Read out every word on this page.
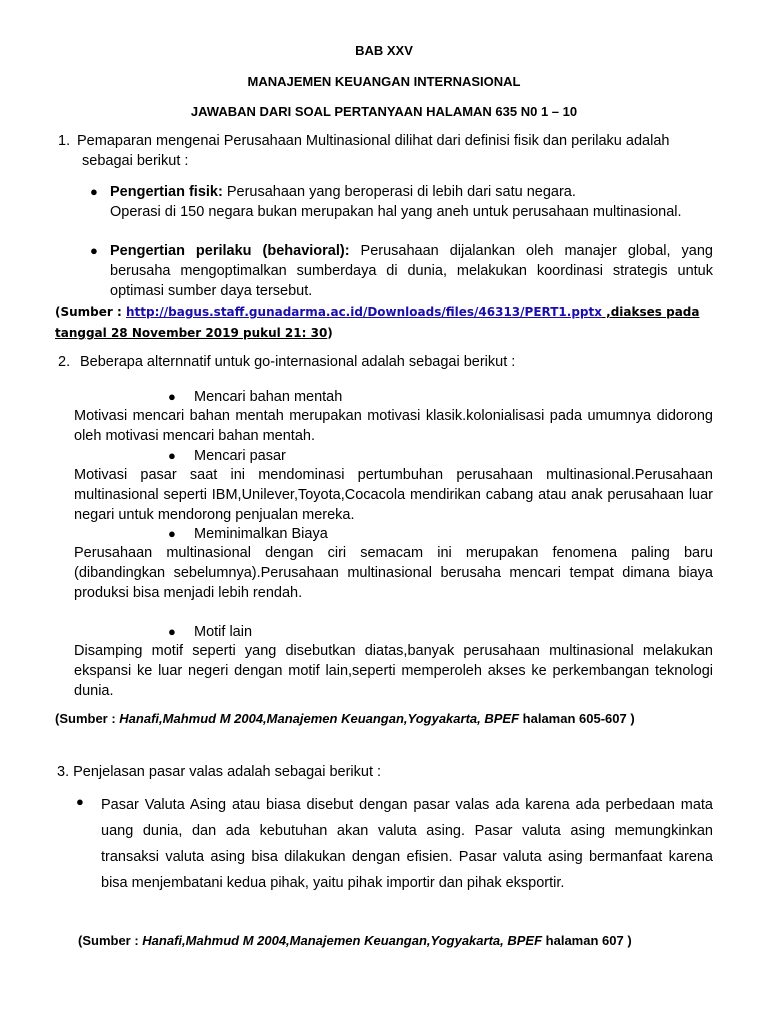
BAB XXV
MANAJEMEN KEUANGAN INTERNASIONAL
JAWABAN DARI SOAL PERTANYAAN HALAMAN 635 N0 1 – 10
1. Pemaparan mengenai Perusahaan Multinasional dilihat dari definisi fisik dan perilaku adalah
sebagai berikut :
● Pengertian fisik: Perusahaan yang beroperasi di lebih dari satu negara.
Operasi di 150 negara bukan merupakan hal yang aneh untuk perusahaan multinasional.
● Pengertian perilaku (behavioral): Perusahaan dijalankan oleh manajer global, yang berusaha mengoptimalkan sumberdaya di dunia, melakukan koordinasi strategis untuk optimasi sumber daya tersebut.
(Sumber : http://bagus.staff.gunadarma.ac.id/Downloads/files/46313/PERT1.pptx ,diakses pada
tanggal 28 November 2019 pukul 21: 30)
2. Beberapa alternnatif untuk go-internasional adalah sebagai berikut :
● Mencari bahan mentah
Motivasi mencari bahan mentah merupakan motivasi klasik.kolonialisasi pada umumnya didorong oleh motivasi mencari bahan mentah.
● Mencari pasar
Motivasi pasar saat ini mendominasi pertumbuhan perusahaan multinasional.Perusahaan multinasional seperti IBM,Unilever,Toyota,Cocacola mendirikan cabang atau anak perusahaan luar negari untuk mendorong penjualan mereka.
● Meminimalkan Biaya
Perusahaan multinasional dengan ciri semacam ini merupakan fenomena paling baru (dibandingkan sebelumnya).Perusahaan multinasional berusaha mencari tempat dimana biaya produksi bisa menjadi lebih rendah.
● Motif lain
Disamping motif seperti yang disebutkan diatas,banyak perusahaan multinasional melakukan ekspansi ke luar negeri dengan motif lain,seperti memperoleh akses ke perkembangan teknologi dunia.
(Sumber : Hanafi,Mahmud M 2004,Manajemen Keuangan,Yogyakarta, BPEF halaman 605-607 )
3. Penjelasan pasar valas adalah sebagai berikut :
● Pasar Valuta Asing atau biasa disebut dengan pasar valas ada karena ada perbedaan mata uang dunia, dan ada kebutuhan akan valuta asing. Pasar valuta asing memungkinkan transaksi valuta asing bisa dilakukan dengan efisien. Pasar valuta asing bermanfaat karena bisa menjembatani kedua pihak, yaitu pihak importir dan pihak eksportir.
(Sumber : Hanafi,Mahmud M 2004,Manajemen Keuangan,Yogyakarta, BPEF halaman 607 )
